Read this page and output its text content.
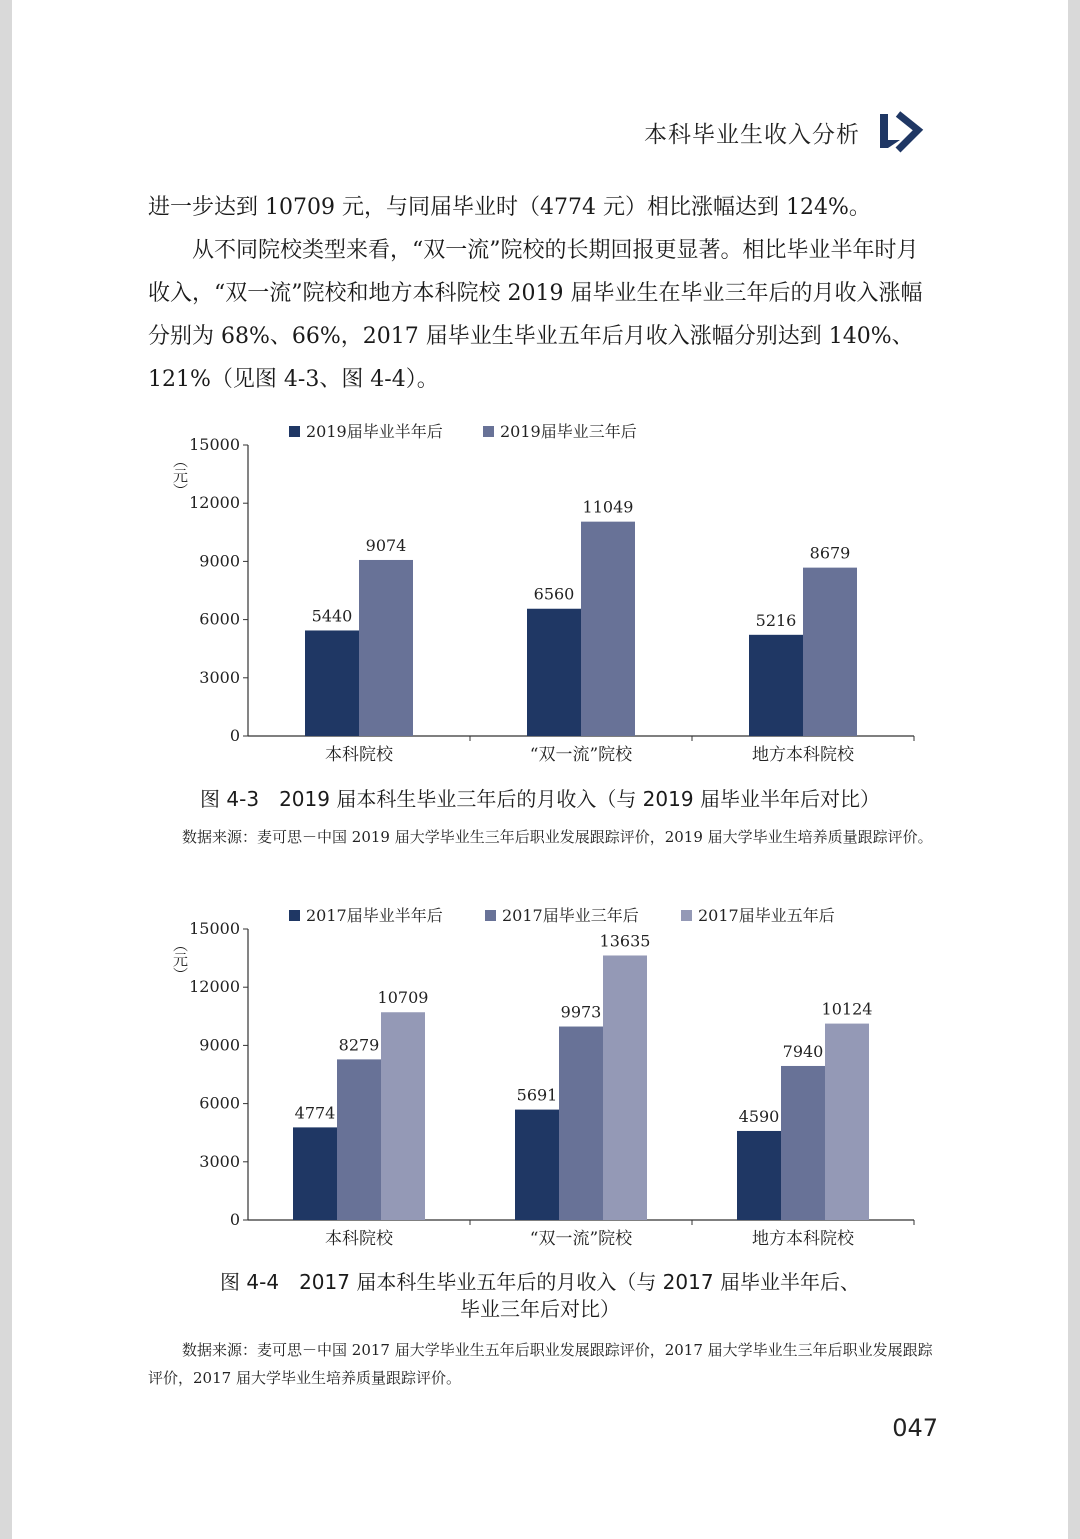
本科毕业生收入分析

进一步达到 10709 元，与同届毕业时（4774 元）相比涨幅达到 124%。

从不同院校类型来看，“双一流”院校的长期回报更显著。相比毕业半年时月收入，“双一流”院校和地方本科院校 2019 届毕业生在毕业三年后的月收入涨幅分别为 68%、66%，2017 届毕业生毕业五年后月收入涨幅分别达到 140%、121%（见图 4-3、图 4-4）。

2019届毕业半年后	2019届毕业三年后
（元）
0
3000
6000
9000
12000
15000
本科院校
5440
9074
“双一流”院校
6560
11049
地方本科院校
5216
8679
图 4-3　2019 届本科生毕业三年后的月收入（与 2019 届毕业半年后对比）
数据来源：麦可思－中国 2019 届大学毕业生三年后职业发展跟踪评价，2019 届大学毕业生培养质量跟踪评价。
2017届毕业半年后	2017届毕业三年后	2017届毕业五年后
（元）
0
3000
6000
9000
12000
15000
本科院校
4774
8279
10709
“双一流”院校
5691
9973
13635
地方本科院校
4590
7940
10124
图 4-4　2017 届本科生毕业五年后的月收入（与 2017 届毕业半年后、
毕业三年后对比）
数据来源：麦可思－中国 2017 届大学毕业生五年后职业发展跟踪评价，2017 届大学毕业生三年后职业发展跟踪评价，2017 届大学毕业生培养质量跟踪评价。
047
